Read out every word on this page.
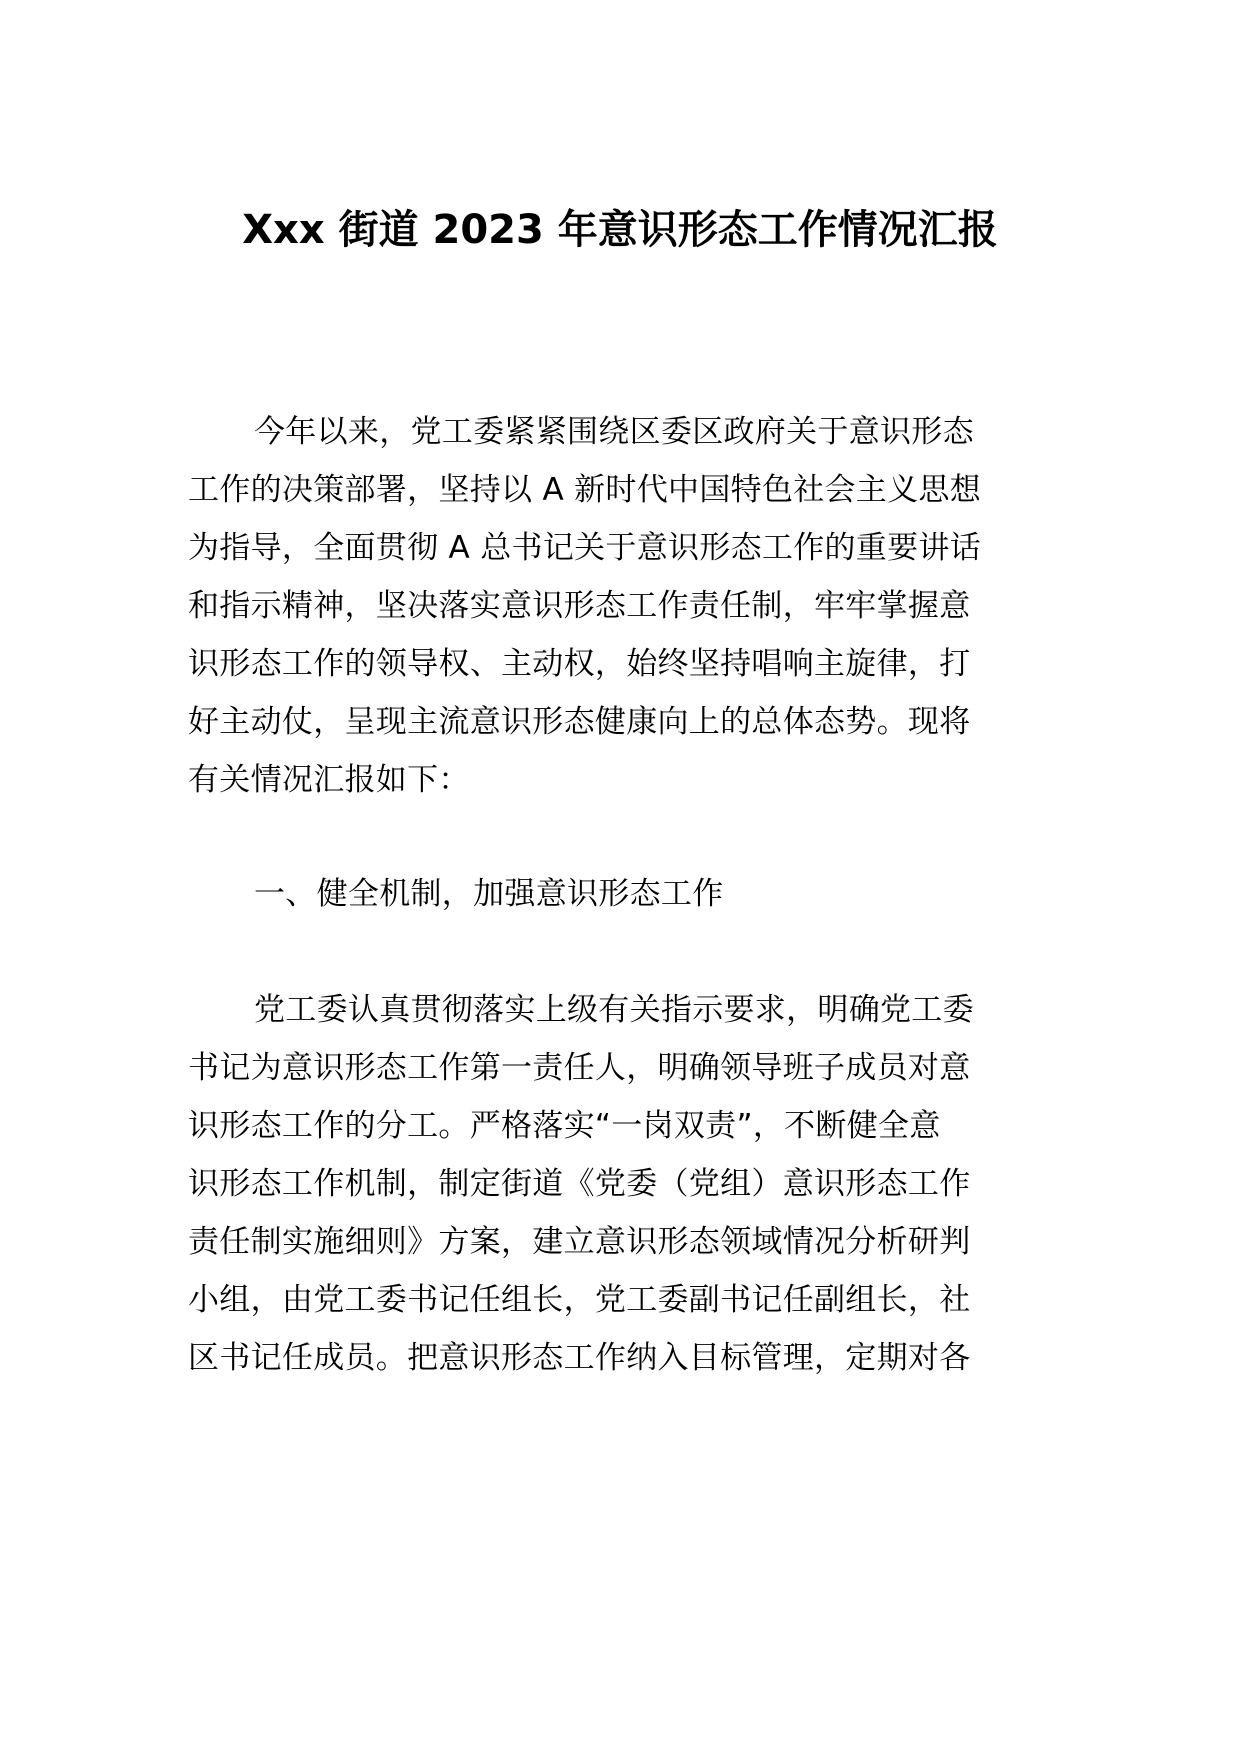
Xxx 街道 2023 年意识形态工作情况汇报
今年以来，党工委紧紧围绕区委区政府关于意识形态
工作的决策部署，坚持以 A 新时代中国特色社会主义思想
为指导，全面贯彻 A 总书记关于意识形态工作的重要讲话
和指示精神，坚决落实意识形态工作责任制，牢牢掌握意
识形态工作的领导权、主动权，始终坚持唱响主旋律，打
好主动仗，呈现主流意识形态健康向上的总体态势。现将
有关情况汇报如下：
一、健全机制，加强意识形态工作
党工委认真贯彻落实上级有关指示要求，明确党工委
书记为意识形态工作第一责任人，明确领导班子成员对意
识形态工作的分工。严格落实“一岗双责”，不断健全意
识形态工作机制，制定街道《党委（党组）意识形态工作
责任制实施细则》方案，建立意识形态领域情况分析研判
小组，由党工委书记任组长，党工委副书记任副组长，社
区书记任成员。把意识形态工作纳入目标管理，定期对各
